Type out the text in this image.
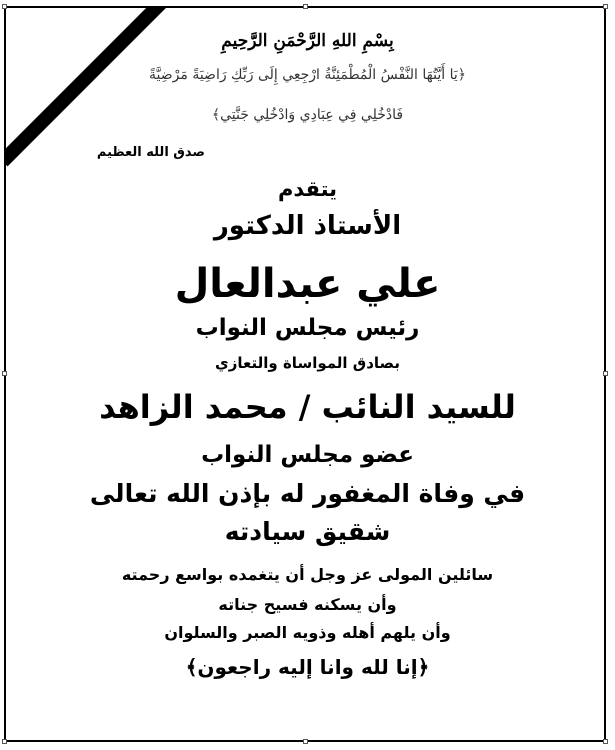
بِسْمِ اللهِ الرَّحْمَنِ الرَّحِيمِ
﴿يَا أَيَّتُهَا النَّفْسُ الْمُطْمَئِنَّةُ ارْجِعِي إِلَى رَبِّكِ رَاضِيَةً مَرْضِيَّةً
فَادْخُلِي فِي عِبَادِي وَادْخُلِي جَنَّتِي﴾
صدق الله العظيم
يتقدم
الأستاذ الدكتور
علي عبدالعال
رئيس مجلس النواب
بصادق المواساة والتعازي
للسيد النائب / محمد الزاهد
عضو مجلس النواب
في وفاة المغفور له بإذن الله تعالى
شقيق سيادته
سائلين المولى عز وجل أن يتغمده بواسع رحمته
وأن يسكنه فسيح جناته
وأن يلهم أهله وذويه الصبر والسلوان
﴿إنا لله وانا إليه راجعون﴾
